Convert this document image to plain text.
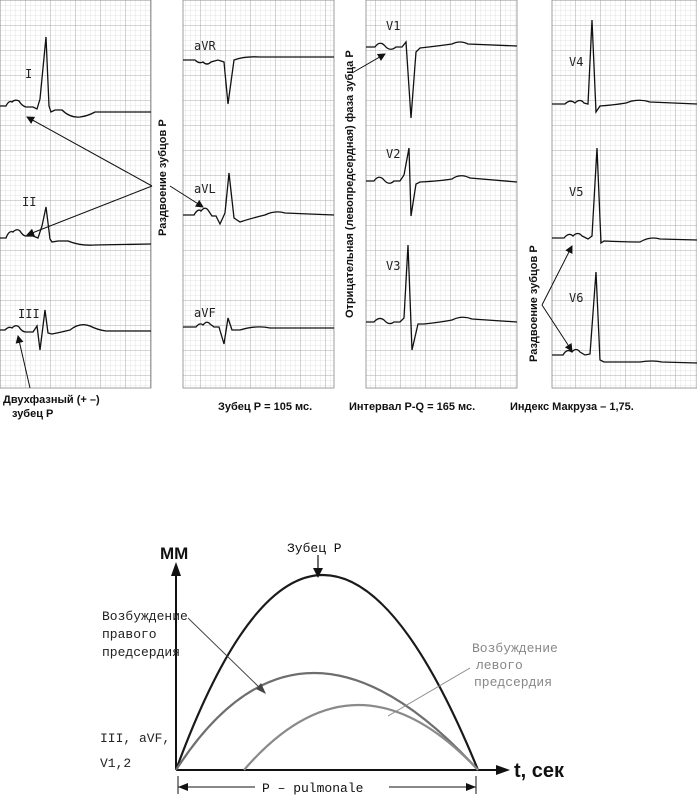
I
II
III
aVR
aVL
aVF
V1
V2
V3
V4
V5
V6
Раздвоение зубцов Р	Отрицательная (левопредсердная) фаза зубца Р	Раздвоение зубцов Р
Двухфазный (+ –)
зубец Р
Зубец Р = 105 мс.	Интервал P-Q = 165 мс.	Индекс Макруза – 1,75.
ММ
t, сек
Зубец Р
Возбуждение
правого
предсердия	Возбуждение
левого
предсердия
III, aVF,
V1,2
P – pulmonale
